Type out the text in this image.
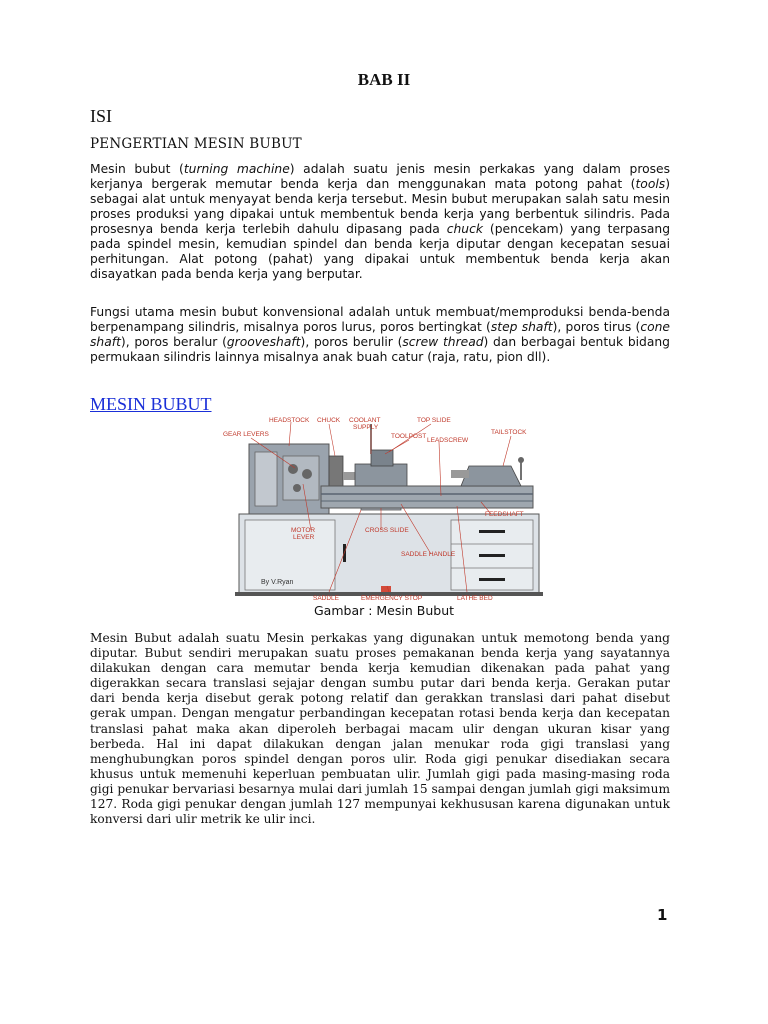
BAB II
ISI
PENGERTIAN MESIN BUBUT

Mesin bubut (turning machine) adalah suatu jenis mesin perkakas yang dalam proses kerjanya bergerak memutar benda kerja dan menggunakan mata potong pahat (tools) sebagai alat untuk menyayat benda kerja tersebut. Mesin bubut merupakan salah satu mesin proses produksi yang dipakai untuk membentuk benda kerja yang berbentuk silindris. Pada prosesnya benda kerja terlebih dahulu dipasang pada chuck (pencekam) yang terpasang pada spindel mesin, kemudian spindel dan benda kerja diputar dengan kecepatan sesuai perhitungan. Alat potong (pahat) yang dipakai untuk membentuk benda kerja akan disayatkan pada benda kerja yang berputar.

Fungsi utama mesin bubut konvensional adalah untuk membuat/memproduksi benda-benda berpenampang silindris, misalnya poros lurus, poros bertingkat (step shaft), poros tirus (cone shaft), poros beralur (grooveshaft), poros berulir (screw thread) dan berbagai bentuk bidang permukaan silindris lainnya misalnya anak buah catur (raja, ratu, pion dll).

MESIN BUBUT
HEADSTOCK CHUCK COOLANT
SUPPLY
TOP SLIDE
GEAR LEVERS	TOOLPOST
LEADSCREW
TAILSTOCK
FEEDSHAFT
MOTOR
LEVER
CROSS SLIDE
SADDLE HANDLE
By V.Ryan
SADDLE	EMERGENCY STOP	LATHE BED
Gambar : Mesin Bubut

Mesin Bubut adalah suatu Mesin perkakas yang digunakan untuk memotong benda yang diputar. Bubut sendiri merupakan suatu proses pemakanan benda kerja yang sayatannya dilakukan dengan cara memutar benda kerja kemudian dikenakan pada pahat yang digerakkan secara translasi sejajar dengan sumbu putar dari benda kerja. Gerakan putar dari benda kerja disebut gerak potong relatif dan gerakkan translasi dari pahat disebut gerak umpan. Dengan mengatur perbandingan kecepatan rotasi benda kerja dan kecepatan translasi pahat maka akan diperoleh berbagai macam ulir dengan ukuran kisar yang berbeda. Hal ini dapat dilakukan dengan jalan menukar roda gigi translasi yang menghubungkan poros spindel dengan poros ulir. Roda gigi penukar disediakan secara khusus untuk memenuhi keperluan pembuatan ulir. Jumlah gigi pada masing-masing roda gigi penukar bervariasi besarnya mulai dari jumlah 15 sampai dengan jumlah gigi maksimum 127. Roda gigi penukar dengan jumlah 127 mempunyai kekhususan karena digunakan untuk konversi dari ulir metrik ke ulir inci.

1
